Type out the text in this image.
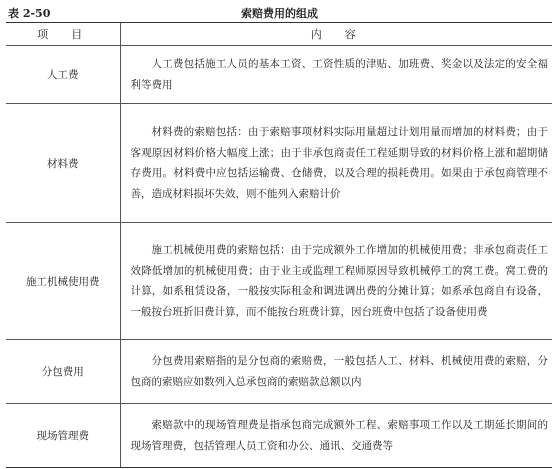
表 2-50	索赔费用的组成
项　目	内　容
人工费	人工费包括施工人员的基本工资、工资性质的津贴、加班费、奖金以及法定的安全福利等费用

材料费	材料费的索赔包括：由于索赔事项材料实际用量超过计划用量而增加的材料费；由于客观原因材料价格大幅度上涨；由于非承包商责任工程延期导致的材料价格上涨和超期储存费用。材料费中应包括运输费、仓储费，以及合理的损耗费用。如果由于承包商管理不善，造成材料损坏失效，则不能列入索赔计价

施工机械使用费	施工机械使用费的索赔包括：由于完成额外工作增加的机械使用费；非承包商责任工效降低增加的机械使用费；由于业主或监理工程师原因导致机械停工的窝工费。窝工费的计算，如系租赁设备，一般按实际租金和调进调出费的分摊计算；如系承包商自有设备，一般按台班折旧费计算，而不能按台班费计算，因台班费中包括了设备使用费

分包费用	分包费用索赔指的是分包商的索赔费，一般包括人工、材料、机械使用费的索赔，分包商的索赔应如数列入总承包商的索赔款总额以内

现场管理费	索赔款中的现场管理费是指承包商完成额外工程、索赔事项工作以及工期延长期间的现场管理费，包括管理人员工资和办公、通讯、交通费等
